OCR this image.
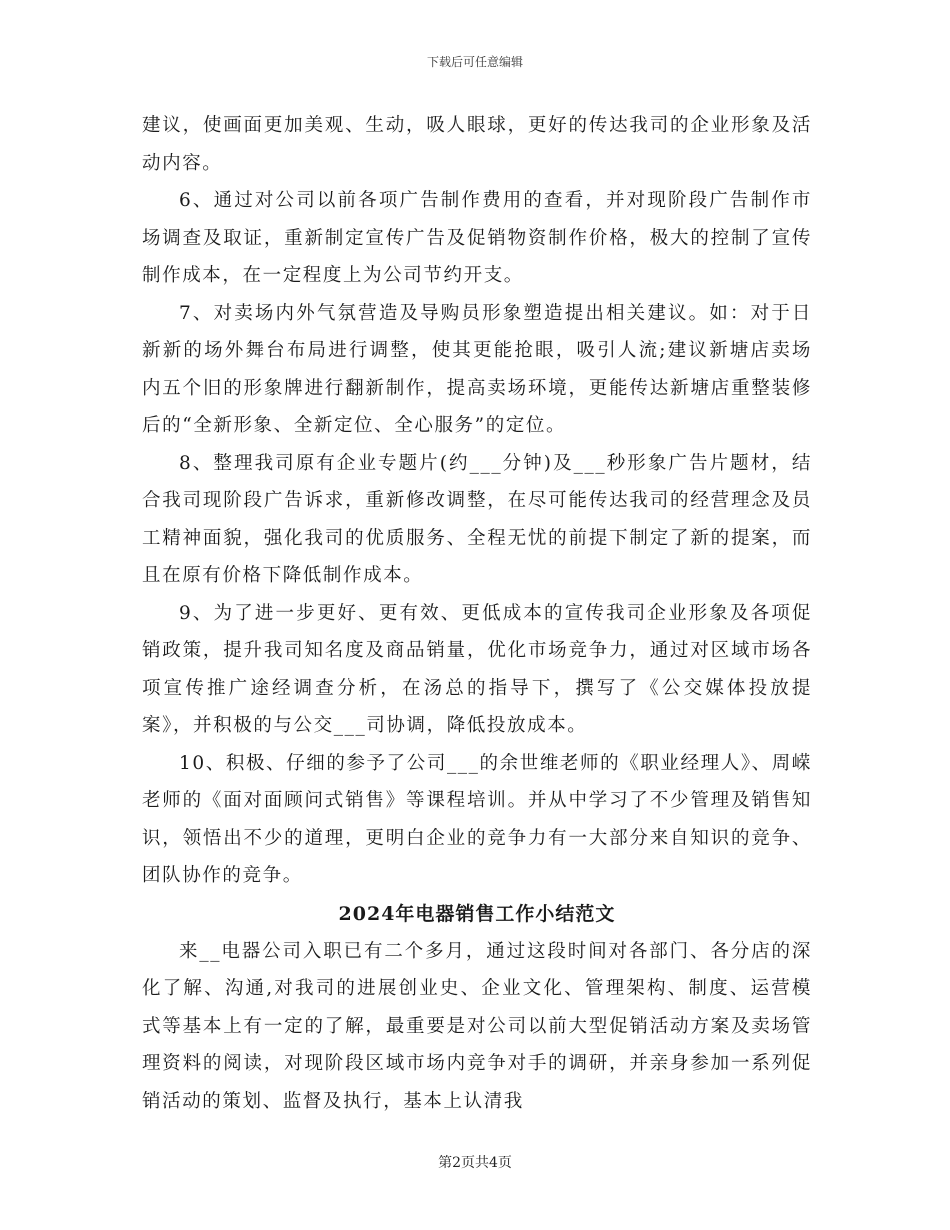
下载后可任意编辑

建议，使画面更加美观、生动，吸人眼球，更好的传达我司的企业形象及活动内容。

6、通过对公司以前各项广告制作费用的查看，并对现阶段广告制作市场调查及取证，重新制定宣传广告及促销物资制作价格，极大的控制了宣传制作成本，在一定程度上为公司节约开支。

7、对卖场内外气氛营造及导购员形象塑造提出相关建议。如：对于日新新的场外舞台布局进行调整，使其更能抢眼，吸引人流;建议新塘店卖场内五个旧的形象牌进行翻新制作，提高卖场环境，更能传达新塘店重整装修后的“全新形象、全新定位、全心服务”的定位。

8、整理我司原有企业专题片(约___分钟)及___秒形象广告片题材，结合我司现阶段广告诉求，重新修改调整，在尽可能传达我司的经营理念及员工精神面貌，强化我司的优质服务、全程无忧的前提下制定了新的提案，而且在原有价格下降低制作成本。

9、为了进一步更好、更有效、更低成本的宣传我司企业形象及各项促销政策，提升我司知名度及商品销量，优化市场竞争力，通过对区域市场各项宣传推广途经调查分析，在汤总的指导下，撰写了《公交媒体投放提案》，并积极的与公交___司协调，降低投放成本。

10、积极、仔细的参予了公司___的余世维老师的《职业经理人》、周嵘老师的《面对面顾问式销售》等课程培训。并从中学习了不少管理及销售知识，领悟出不少的道理，更明白企业的竞争力有一大部分来自知识的竞争、团队协作的竞争。

2024年电器销售工作小结范文

来__电器公司入职已有二个多月，通过这段时间对各部门、各分店的深化了解、沟通,对我司的进展创业史、企业文化、管理架构、制度、运营模式等基本上有一定的了解，最重要是对公司以前大型促销活动方案及卖场管理资料的阅读，对现阶段区域市场内竞争对手的调研，并亲身参加一系列促销活动的策划、监督及执行，基本上认清我

第2页共4页
